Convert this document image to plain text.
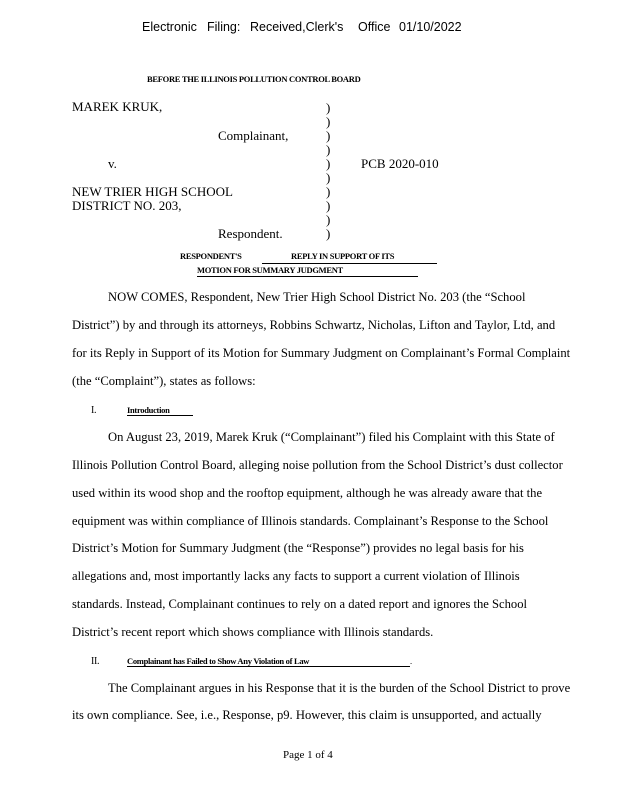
Electronic Filing: Received,Clerk's Office 01/10/2022
BEFORE THE ILLINOIS POLLUTION CONTROL BOARD
MAREK KRUK,
Complainant,
v.
NEW TRIER HIGH SCHOOL
DISTRICT NO. 203,
Respondent.
)
)
)
)
)
)
)
)
)
)
PCB 2020-010
RESPONDENT'S	REPLY IN SUPPORT OF ITS
MOTION FOR SUMMARY JUDGMENT
NOW COMES, Respondent, New Trier High School District No. 203 (the “School
District”) by and through its attorneys, Robbins Schwartz, Nicholas, Lifton and Taylor, Ltd, and
for its Reply in Support of its Motion for Summary Judgment on Complainant’s Formal Complaint
(the “Complaint”), states as follows:
I.	Introduction
On August 23, 2019, Marek Kruk (“Complainant”) filed his Complaint with this State of
Illinois Pollution Control Board, alleging noise pollution from the School District’s dust collector
used within its wood shop and the rooftop equipment, although he was already aware that the
equipment was within compliance of Illinois standards. Complainant’s Response to the School
District’s Motion for Summary Judgment (the “Response”) provides no legal basis for his
allegations and, most importantly lacks any facts to support a current violation of Illinois
standards. Instead, Complainant continues to rely on a dated report and ignores the School
District’s recent report which shows compliance with Illinois standards.
II.	Complainant has Failed to Show Any Violation of Law	.
The Complainant argues in his Response that it is the burden of the School District to prove
its own compliance. See, i.e., Response, p9. However, this claim is unsupported, and actually
Page 1 of 4
